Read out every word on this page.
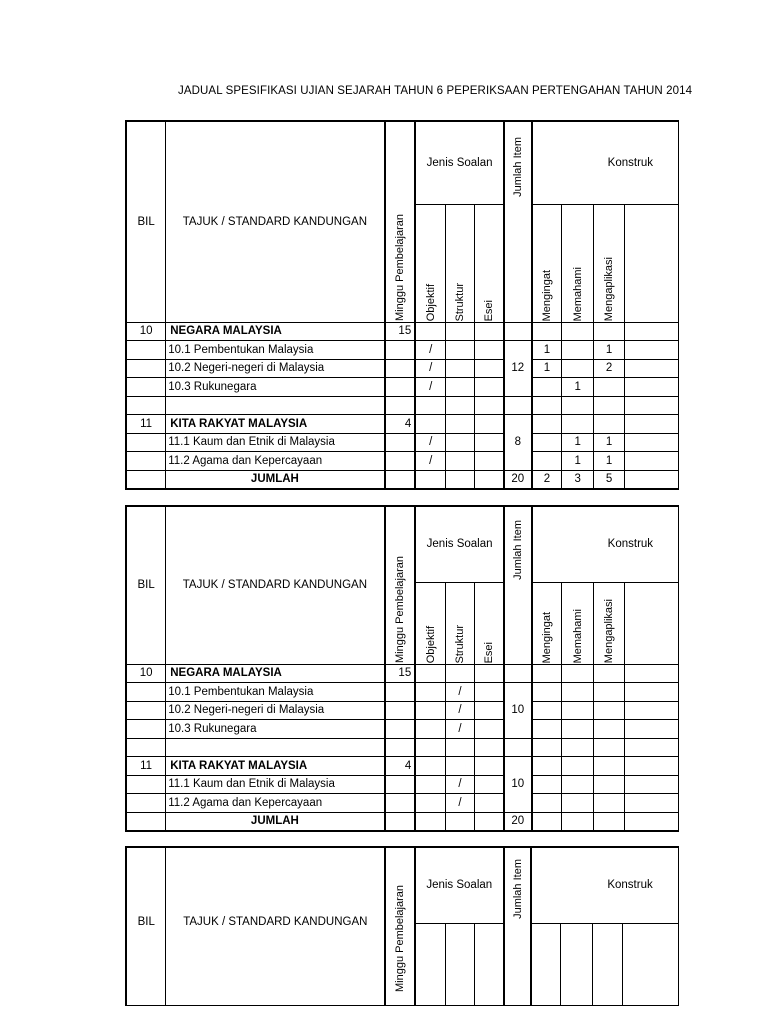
JADUAL SPESIFIKASI UJIAN SEJARAH TAHUN 6 PEPERIKSAAN PERTENGAHAN TAHUN 2014
BIL	TAJUK / STANDARD KANDUNGAN	Minggu Pembelajaran	Jenis Soalan			Jumlah Item	Konstruk			

			Objektif	Struktur	Esei		Mengingat	Memahami	Mengaplikasi	

10	NEGARA MALAYSIA	15								
	10.1 Pembentukan Malaysia		/			12	1		1	
	10.2 Negeri-negeri di Malaysia		/				1		2	
	10.3 Rukunegara		/					1		

11	KITA RAKYAT MALAYSIA	4				8				
	11.1 Kaum dan Etnik di Malaysia		/					1	1	
	11.2 Agama dan Kepercayaan		/					1	1	
	JUMLAH					20	2	3	5	
BIL	TAJUK / STANDARD KANDUNGAN	Minggu Pembelajaran	Jenis Soalan			Jumlah Item	Konstruk			

			Objektif	Struktur	Esei		Mengingat	Memahami	Mengaplikasi	

10	NEGARA MALAYSIA	15								
	10.1 Pembentukan Malaysia			/		10				
	10.2 Negeri-negeri di Malaysia			/						
	10.3 Rukunegara			/						

11	KITA RAKYAT MALAYSIA	4				10				
	11.1 Kaum dan Etnik di Malaysia			/						
	11.2 Agama dan Kepercayaan			/						
	JUMLAH					20				
BIL	TAJUK / STANDARD KANDUNGAN	Minggu Pembelajaran	Jenis Soalan			Jumlah Item	Konstruk			
